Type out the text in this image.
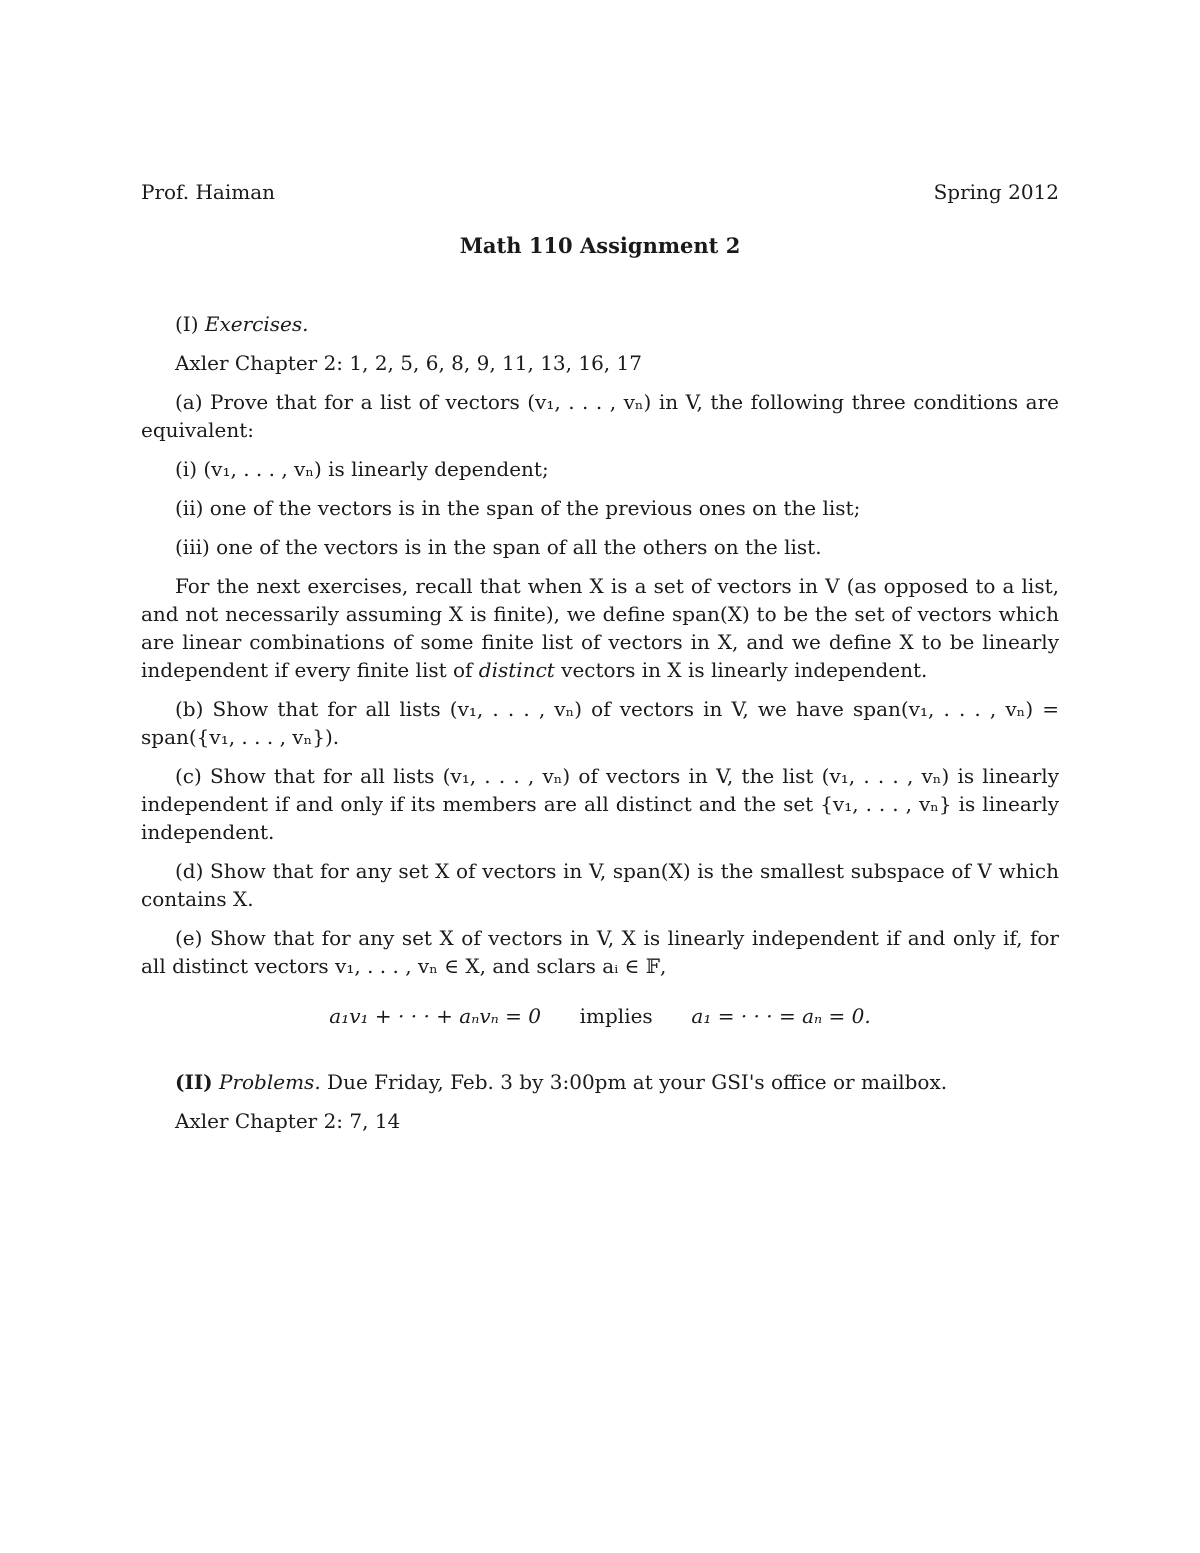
Prof. Haiman	Spring 2012
Math 110 Assignment 2

(I) Exercises.

Axler Chapter 2: 1, 2, 5, 6, 8, 9, 11, 13, 16, 17

(a) Prove that for a list of vectors (v₁, . . . , vₙ) in V, the following three conditions are equivalent:

(i) (v₁, . . . , vₙ) is linearly dependent;

(ii) one of the vectors is in the span of the previous ones on the list;

(iii) one of the vectors is in the span of all the others on the list.

For the next exercises, recall that when X is a set of vectors in V (as opposed to a list, and not necessarily assuming X is finite), we define span(X) to be the set of vectors which are linear combinations of some finite list of vectors in X, and we define X to be linearly independent if every finite list of distinct vectors in X is linearly independent.

(b) Show that for all lists (v₁, . . . , vₙ) of vectors in V, we have span(v₁, . . . , vₙ) = span({v₁, . . . , vₙ}).

(c) Show that for all lists (v₁, . . . , vₙ) of vectors in V, the list (v₁, . . . , vₙ) is linearly independent if and only if its members are all distinct and the set {v₁, . . . , vₙ} is linearly independent.

(d) Show that for any set X of vectors in V, span(X) is the smallest subspace of V which contains X.

(e) Show that for any set X of vectors in V, X is linearly independent if and only if, for all distinct vectors v₁, . . . , vₙ ∈ X, and sclars aᵢ ∈ 𝔽,

a₁v₁ + · · · + aₙvₙ = 0 implies a₁ = · · · = aₙ = 0.

(II) Problems. Due Friday, Feb. 3 by 3:00pm at your GSI's office or mailbox.

Axler Chapter 2: 7, 14
